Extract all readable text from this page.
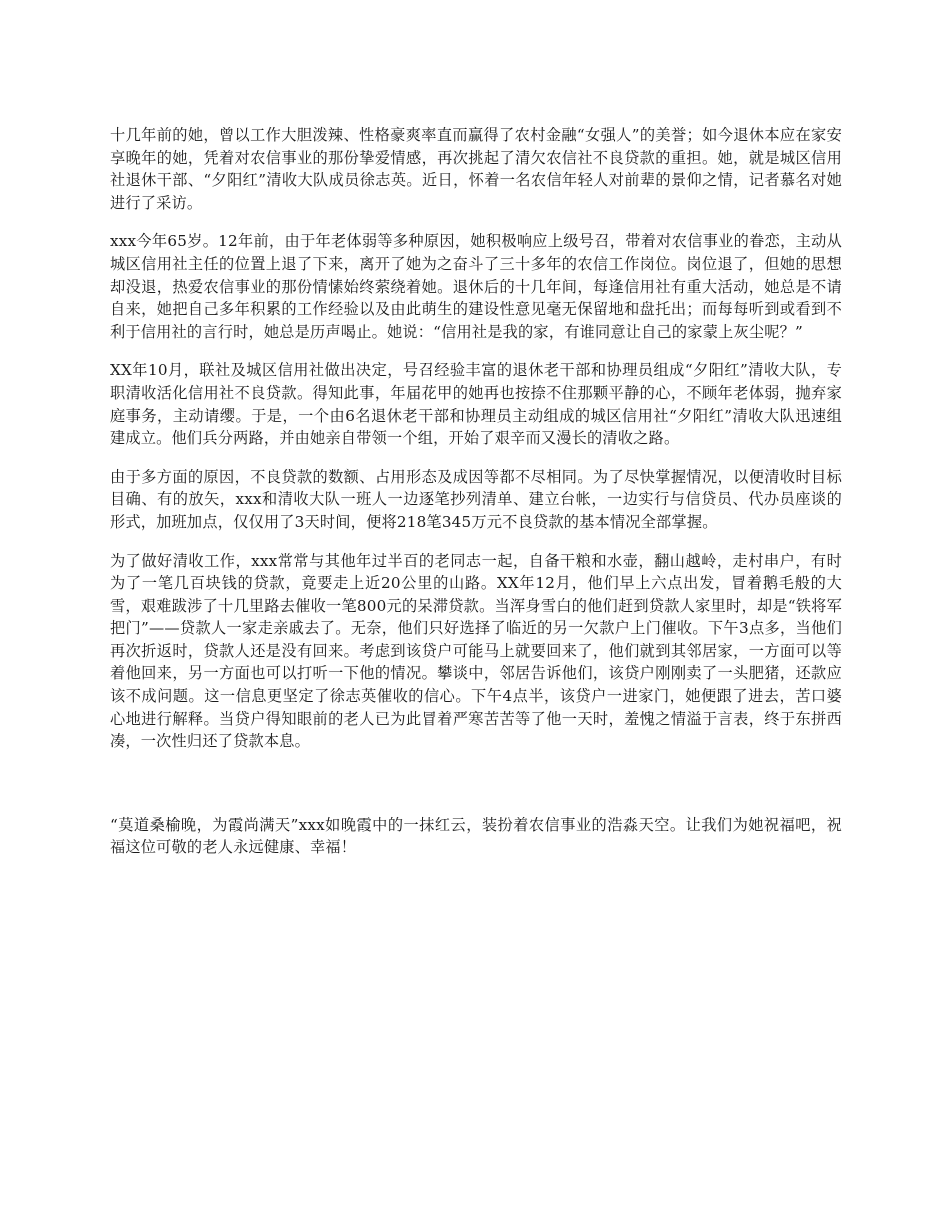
十几年前的她，曾以工作大胆泼辣、性格豪爽率直而赢得了农村金融“女强人”的美誉；如今退休本应在家安享晚年的她，凭着对农信事业的那份挚爱情感，再次挑起了清欠农信社不良贷款的重担。她，就是城区信用社退休干部、“夕阳红”清收大队成员徐志英。近日，怀着一名农信年轻人对前辈的景仰之情，记者慕名对她进行了采访。

xxx今年65岁。12年前，由于年老体弱等多种原因，她积极响应上级号召，带着对农信事业的眷恋，主动从城区信用社主任的位置上退了下来，离开了她为之奋斗了三十多年的农信工作岗位。岗位退了，但她的思想却没退，热爱农信事业的那份情愫始终萦绕着她。退休后的十几年间，每逢信用社有重大活动，她总是不请自来，她把自己多年积累的工作经验以及由此萌生的建设性意见毫无保留地和盘托出；而每每听到或看到不利于信用社的言行时，她总是历声喝止。她说：“信用社是我的家，有谁同意让自己的家蒙上灰尘呢？”

XX年10月，联社及城区信用社做出决定，号召经验丰富的退休老干部和协理员组成“夕阳红”清收大队，专职清收活化信用社不良贷款。得知此事，年届花甲的她再也按捺不住那颗平静的心，不顾年老体弱，抛弃家庭事务，主动请缨。于是，一个由6名退休老干部和协理员主动组成的城区信用社“夕阳红”清收大队迅速组建成立。他们兵分两路，并由她亲自带领一个组，开始了艰辛而又漫长的清收之路。

由于多方面的原因，不良贷款的数额、占用形态及成因等都不尽相同。为了尽快掌握情况，以便清收时目标目确、有的放矢，xxx和清收大队一班人一边逐笔抄列清单、建立台帐，一边实行与信贷员、代办员座谈的形式，加班加点，仅仅用了3天时间，便将218笔345万元不良贷款的基本情况全部掌握。

为了做好清收工作，xxx常常与其他年过半百的老同志一起，自备干粮和水壶，翻山越岭，走村串户，有时为了一笔几百块钱的贷款，竟要走上近20公里的山路。XX年12月，他们早上六点出发，冒着鹅毛般的大雪，艰难跋涉了十几里路去催收一笔800元的呆滞贷款。当浑身雪白的他们赶到贷款人家里时，却是“铁将军把门”——贷款人一家走亲戚去了。无奈，他们只好选择了临近的另一欠款户上门催收。下午3点多，当他们再次折返时，贷款人还是没有回来。考虑到该贷户可能马上就要回来了，他们就到其邻居家，一方面可以等着他回来，另一方面也可以打听一下他的情况。攀谈中，邻居告诉他们，该贷户刚刚卖了一头肥猪，还款应该不成问题。这一信息更坚定了徐志英催收的信心。下午4点半，该贷户一进家门，她便跟了进去，苦口婆心地进行解释。当贷户得知眼前的老人已为此冒着严寒苦苦等了他一天时，羞愧之情溢于言表，终于东拼西凑，一次性归还了贷款本息。

“莫道桑榆晚，为霞尚满天”xxx如晚霞中的一抹红云，装扮着农信事业的浩淼天空。让我们为她祝福吧，祝福这位可敬的老人永远健康、幸福！
